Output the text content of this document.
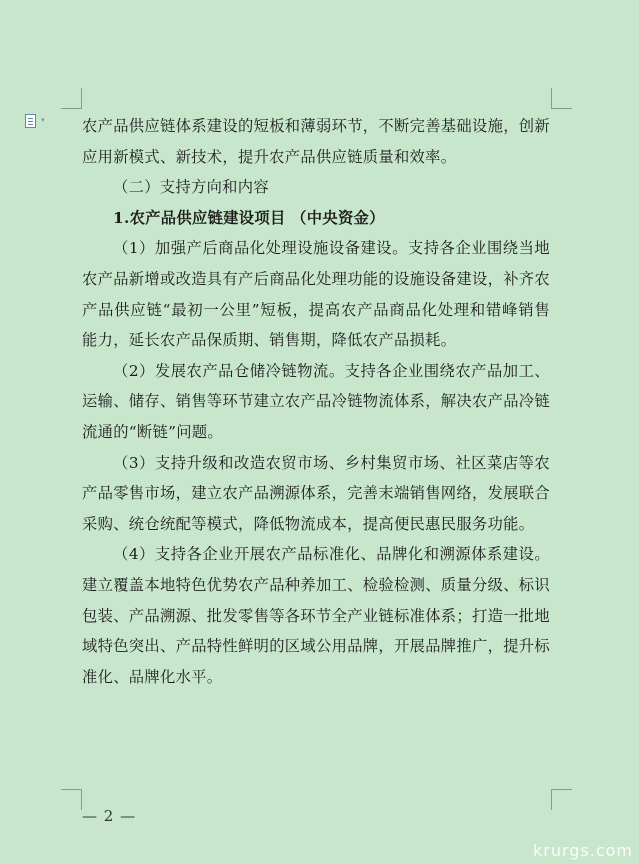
▾ 农产品供应链体系建设的短板和薄弱环节，不断完善基础设施，创新应用新模式、新技术，提升农产品供应链质量和效率。

（二）支持方向和内容

1.农产品供应链建设项目 （中央资金）

（1）加强产后商品化处理设施设备建设。支持各企业围绕当地农产品新增或改造具有产后商品化处理功能的设施设备建设，补齐农产品供应链“最初一公里”短板，提高农产品商品化处理和错峰销售能力，延长农产品保质期、销售期，降低农产品损耗。

（2）发展农产品仓储冷链物流。支持各企业围绕农产品加工、运输、储存、销售等环节建立农产品冷链物流体系，解决农产品冷链流通的“断链”问题。

（3）支持升级和改造农贸市场、乡村集贸市场、社区菜店等农产品零售市场，建立农产品溯源体系，完善末端销售网络，发展联合采购、统仓统配等模式，降低物流成本，提高便民惠民服务功能。

（4）支持各企业开展农产品标准化、品牌化和溯源体系建设。建立覆盖本地特色优势农产品种养加工、检验检测、质量分级、标识包装、产品溯源、批发零售等各环节全产业链标准体系；打造一批地域特色突出、产品特性鲜明的区域公用品牌，开展品牌推广，提升标准化、品牌化水平。

— 2 —
krurgs.com
